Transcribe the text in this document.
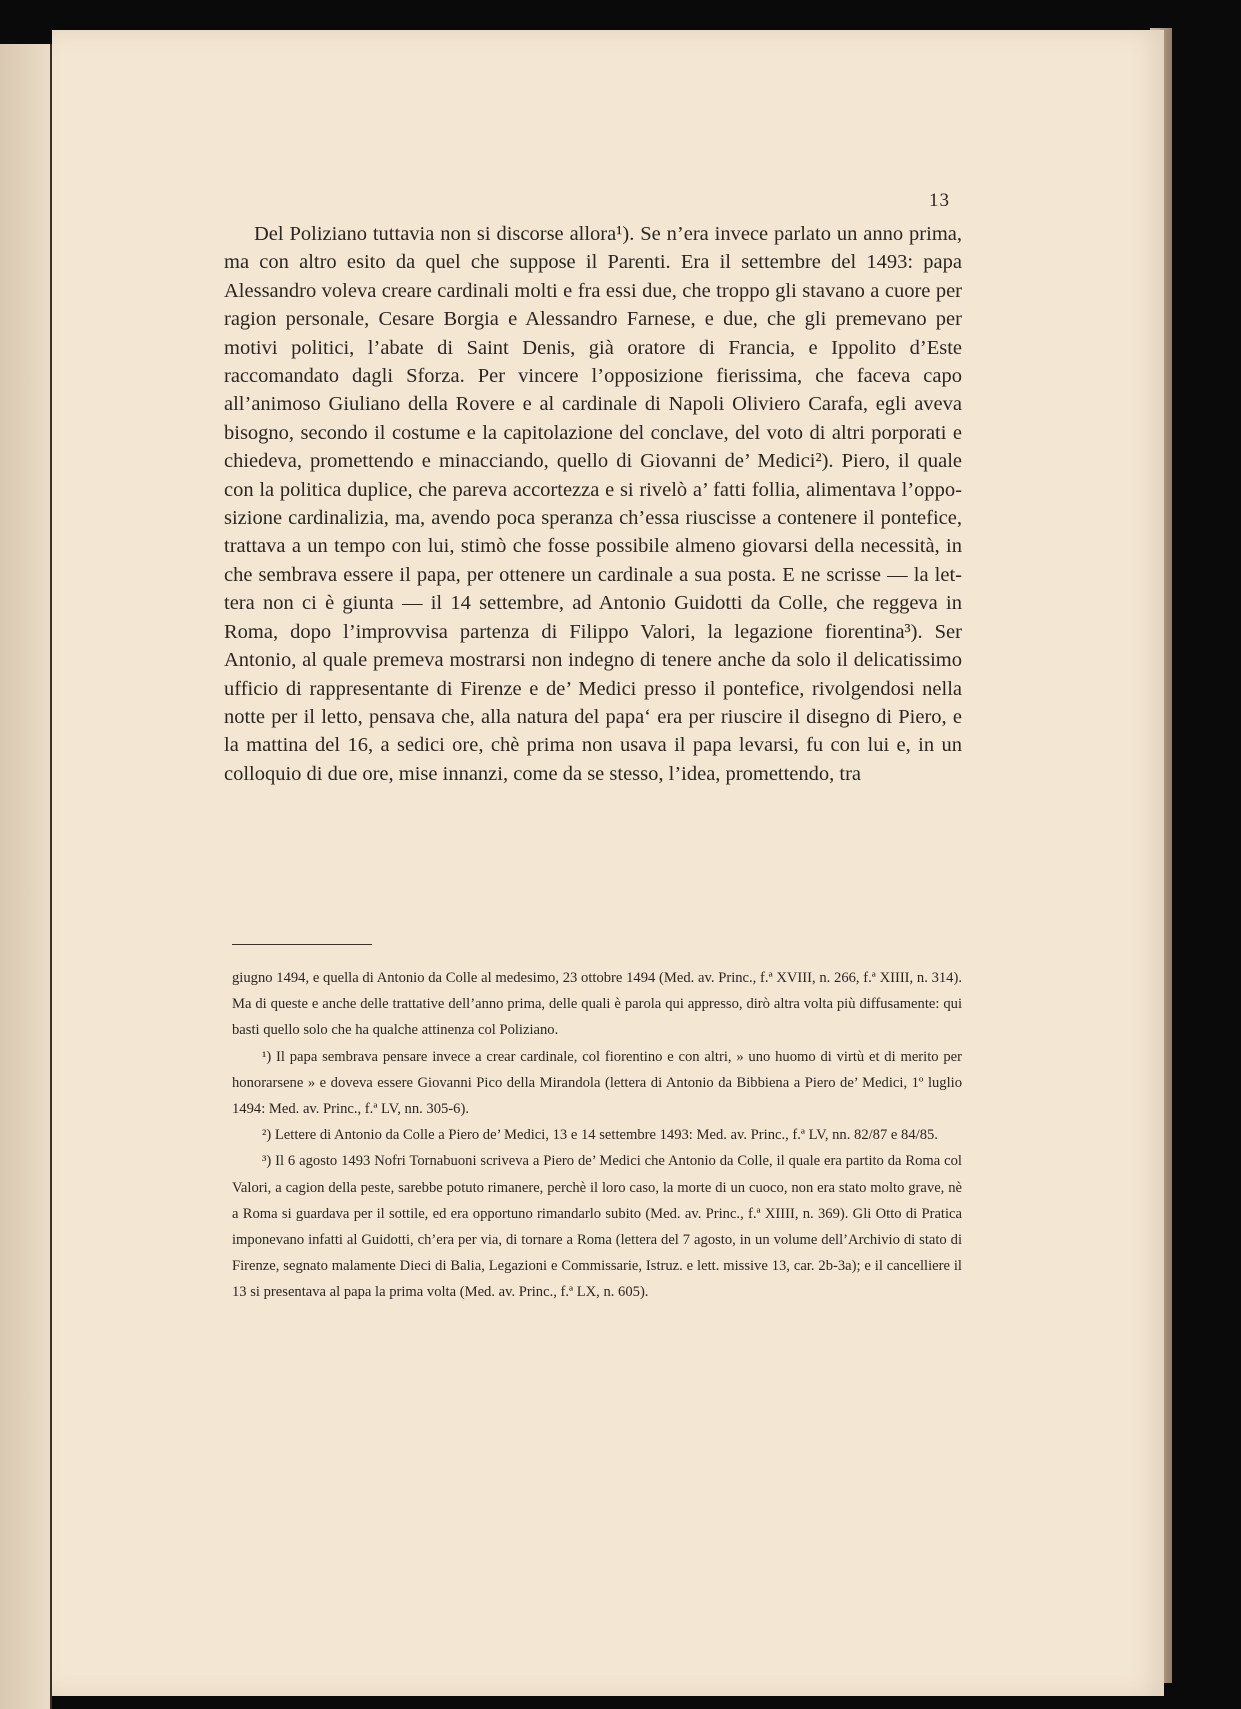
13

Del Poliziano tuttavia non si discorse allora¹). Se n’era invece parlato un anno prima, ma con altro esito da quel che suppose il Parenti. Era il settembre del 1493: papa Alessandro voleva creare cardinali molti e fra essi due, che troppo gli stavano a cuore per ragion personale, Cesare Borgia e Alessandro Farnese, e due, che gli premevano per motivi politici, l’abate di Saint Denis, già oratore di Francia, e Ippolito d’Este raccomandato dagli Sforza. Per vincere l’opposizione fierissima, che faceva capo all’animoso Giuliano della Rovere e al cardinale di Napoli Oliviero Carafa, egli aveva bisogno, secondo il costume e la capitolazione del conclave, del voto di altri porporati e chiedeva, promettendo e minacciando, quello di Giovanni de’ Medici²). Piero, il quale con la politica duplice, che pareva accortezza e si rivelò a’ fatti follia, alimentava l’opposizione cardinalizia, ma, avendo poca speranza ch’essa riuscisse a contenere il pontefice, trattava a un tempo con lui, stimò che fosse possibile almeno giovarsi della necessità, in che sembrava essere il papa, per ottenere un cardinale a sua posta. E ne scrisse — la lettera non ci è giunta — il 14 settembre, ad Antonio Guidotti da Colle, che reggeva in Roma, dopo l’improvvisa partenza di Filippo Valori, la legazione fiorentina³). Ser Antonio, al quale premeva mostrarsi non indegno di tenere anche da solo il delicatissimo ufficio di rappresentante di Firenze e de’ Medici presso il pontefice, rivolgendosi nella notte per il letto, pensava che, alla natura del papa‘ era per riuscire il disegno di Piero, e la mattina del 16, a sedici ore, chè prima non usava il papa levarsi, fu con lui e, in un colloquio di due ore, mise innanzi, come da se stesso, l’idea, promettendo, tra

giugno 1494, e quella di Antonio da Colle al medesimo, 23 ottobre 1494 (Med. av. Princ., f.ª XVIII, n. 266, f.ª XIIII, n. 314). Ma di queste e anche delle trattative dell’anno prima, delle quali è parola qui appresso, dirò altra volta più diffusamente: qui basti quello solo che ha qualche attinenza col Poliziano.

¹) Il papa sembrava pensare invece a crear cardinale, col fiorentino e con altri, » uno huomo di virtù et di merito per honorarsene » e doveva essere Giovanni Pico della Mirandola (lettera di Antonio da Bibbiena a Piero de’ Medici, 1º luglio 1494: Med. av. Princ., f.ª LV, nn. 305-6).

²) Lettere di Antonio da Colle a Piero de’ Medici, 13 e 14 settembre 1493: Med. av. Princ., f.ª LV, nn. 82/87 e 84/85.

³) Il 6 agosto 1493 Nofri Tornabuoni scriveva a Piero de’ Medici che Antonio da Colle, il quale era partito da Roma col Valori, a cagion della peste, sarebbe potuto rimanere, perchè il loro caso, la morte di un cuoco, non era stato molto grave, nè a Roma si guardava per il sottile, ed era opportuno rimandarlo subito (Med. av. Princ., f.ª XIIII, n. 369). Gli Otto di Pratica imponevano infatti al Guidotti, ch’era per via, di tornare a Roma (lettera del 7 agosto, in un volume dell’Archivio di stato di Firenze, segnato malamente Dieci di Balia, Legazioni e Commissarie, Istruz. e lett. missive 13, car. 2b-3a); e il cancelliere il 13 si presentava al papa la prima volta (Med. av. Princ., f.ª LX, n. 605).
